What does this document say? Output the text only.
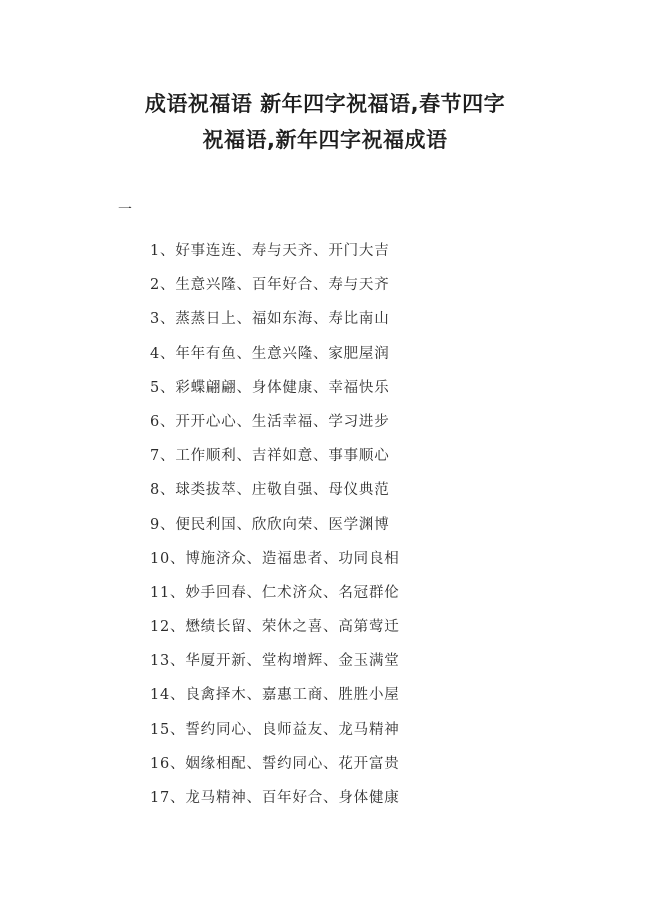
成语祝福语 新年四字祝福语,春节四字
祝福语,新年四字祝福成语
一
1、好事连连、寿与天齐、开门大吉
2、生意兴隆、百年好合、寿与天齐
3、蒸蒸日上、福如东海、寿比南山
4、年年有鱼、生意兴隆、家肥屋润
5、彩蝶翩翩、身体健康、幸福快乐
6、开开心心、生活幸福、学习进步
7、工作顺利、吉祥如意、事事顺心
8、球类拔萃、庄敬自强、母仪典范
9、便民利国、欣欣向荣、医学渊博
10、博施济众、造福患者、功同良相
11、妙手回春、仁术济众、名冠群伦
12、懋绩长留、荣休之喜、高第莺迁
13、华厦开新、堂构增辉、金玉满堂
14、良禽择木、嘉惠工商、胜胜小屋
15、誓约同心、良师益友、龙马精神
16、姻缘相配、誓约同心、花开富贵
17、龙马精神、百年好合、身体健康
